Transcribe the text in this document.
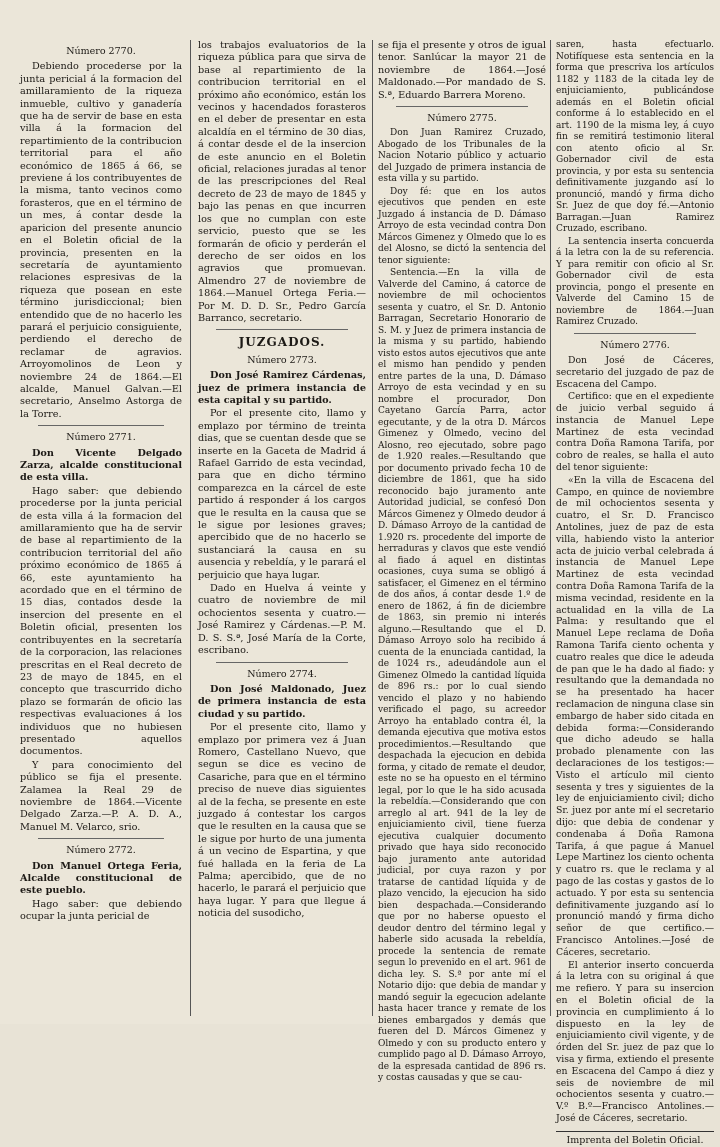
Número 2770.

Debiendo procederse por la junta pericial á la formacion del amillaramiento de la riqueza inmueble, cultivo y ganadería que ha de servir de base en esta villa á la formacion del repartimiento de la contribucion territorial para el año económico de 1865 á 66, se previene á los contribuyentes de la misma, tanto vecinos como forasteros, que en el término de un mes, á contar desde la aparicion del presente anuncio en el Boletin oficial de la provincia, presenten en la secretaría de ayuntamiento relaciones espresivas de la riqueza que posean en este término jurisdiccional; bien entendido que de no hacerlo les parará el perjuicio consiguiente, perdiendo el derecho de reclamar de agravios. Arroyomolinos de Leon y noviembre 24 de 1864.—El alcalde, Manuel Galvan.—El secretario, Anselmo Astorga de la Torre.

Número 2771.

Don Vicente Delgado Zarza, alcalde constitucional de esta villa.

Hago saber: que debiendo procederse por la junta pericial de esta villa á la formacion del amillaramiento que ha de servir de base al repartimiento de la contribucion territorial del año próximo económico de 1865 á 66, este ayuntamiento ha acordado que en el término de 15 dias, contados desde la insercion del presente en el Boletin oficial, presenten los contribuyentes en la secretaría de la corporacion, las relaciones prescritas en el Real decreto de 23 de mayo de 1845, en el concepto que trascurrido dicho plazo se formarán de oficio las respectivas evaluaciones á los individuos que no hubiesen presentado aquellos documentos.

Y para conocimiento del público se fija el presente. Zalamea la Real 29 de noviembre de 1864.—Vicente Delgado Zarza.—P. A. D. A., Manuel M. Velarco, srio.

Número 2772.

Don Manuel Ortega Feria, Alcalde constitucional de este pueblo.

Hago saber: que debiendo ocupar la junta pericial de

los trabajos evaluatorios de la riqueza pública para que sirva de base al repartimiento de la contribucion territorial en el próximo año económico, están los vecinos y hacendados forasteros en el deber de presentar en esta alcaldía en el término de 30 dias, á contar desde el de la insercion de este anuncio en el Boletin oficial, relaciones juradas al tenor de las prescripciones del Real decreto de 23 de mayo de 1845 y bajo las penas en que incurren los que no cumplan con este servicio, puesto que se les formarán de oficio y perderán el derecho de ser oidos en los agravios que promuevan. Almendro 27 de noviembre de 1864.—Manuel Ortega Feria.—Por M. D. D. Sr., Pedro García Barranco, secretario.

JUZGADOS.

Número 2773.

Don José Ramirez Cárdenas, juez de primera instancia de esta capital y su partido.

Por el presente cito, llamo y emplazo por término de treinta dias, que se cuentan desde que se inserte en la Gaceta de Madrid á Rafael Garrido de esta vecindad, para que en dicho término comparezca en la cárcel de este partido á responder á los cargos que le resulta en la causa que se le sigue por lesiones graves; apercibido que de no hacerlo se sustanciará la causa en su ausencia y rebeldía, y le parará el perjuicio que haya lugar.

Dado en Huelva á veinte y cuatro de noviembre de mil ochocientos sesenta y cuatro.—José Ramirez y Cárdenas.—P. M. D. S. S.ª, José María de la Corte, escribano.

Número 2774.

Don José Maldonado, Juez de primera instancia de esta ciudad y su partido.

Por el presente cito, llamo y emplazo por primera vez á Juan Romero, Castellano Nuevo, que segun se dice es vecino de Casariche, para que en el término preciso de nueve dias siguientes al de la fecha, se presente en este juzgado á contestar los cargos que le resulten en la causa que se le sigue por hurto de una jumenta á un vecino de Espartina, y que fué hallada en la feria de La Palma; apercibido, que de no hacerlo, le parará el perjuicio que haya lugar. Y para que llegue á noticia del susodicho,

se fija el presente y otros de igual tenor. Sanlúcar la mayor 21 de noviembre de 1864.—José Maldonado.—Por mandado de S. S.ª, Eduardo Barrera Moreno.

Número 2775.

Don Juan Ramirez Cruzado, Abogado de los Tribunales de la Nacion Notario público y actuario del Juzgado de primera instancia de esta villa y su partido.

Doy fé: que en los autos ejecutivos que penden en este Juzgado á instancia de D. Dámaso Arroyo de esta vecindad contra Don Márcos Gimenez y Olmedo que lo es del Alosno, se dictó la sentencia del tenor siguiente:

Sentencia.—En la villa de Valverde del Camino, á catorce de noviembre de mil ochocientos sesenta y cuatro, el Sr. D. Antonio Barragan, Secretario Honorario de S. M. y Juez de primera instancia de la misma y su partido, habiendo visto estos autos ejecutivos que ante el mismo han pendido y penden entre partes de la una, D. Dámaso Arroyo de esta vecindad y en su nombre el procurador, Don Cayetano García Parra, actor egecutante, y de la otra D. Márcos Gimenez y Olmedo, vecino del Alosno, reo ejecutado, sobre pago de 1.920 reales.—Resultando que por documento privado fecha 10 de diciembre de 1861, que ha sido reconocido bajo juramento ante Autoridad judicial, se confesó Don Márcos Gimenez y Olmedo deudor á D. Dámaso Arroyo de la cantidad de 1.920 rs. procedente del importe de herraduras y clavos que este vendió al fiado á aquel en distintas ocasiones, cuya suma se obligó á satisfacer, el Gimenez en el término de dos años, á contar desde 1.º de enero de 1862, á fin de diciembre de 1863, sin premio ni interés alguno.—Resultando que el D. Dámaso Arroyo solo ha recibido á cuenta de la enunciada cantidad, la de 1024 rs., adeudándole aun el Gimenez Olmedo la cantidad líquida de 896 rs.: por lo cual siendo vencido el plazo y no habiendo verificado el pago, su acreedor Arroyo ha entablado contra él, la demanda ejecutiva que motiva estos procedimientos.—Resultando que despachada la ejecucion en debida forma, y citado de remate el deudor, este no se ha opuesto en el término legal, por lo que le ha sido acusada la rebeldía.—Considerando que con arreglo al art. 941 de la ley de enjuiciamiento civil, tiene fuerza ejecutiva cualquier documento privado que haya sido reconocido bajo juramento ante autoridad judicial, por cuya razon y por tratarse de cantidad líquida y de plazo vencido, la ejecucion ha sido bien despachada.—Considerando que por no haberse opuesto el deudor dentro del término legal y haberle sido acusada la rebeldía, procede la sentencia de remate segun lo prevenido en el art. 961 de dicha ley. S. S.ª por ante mí el Notario dijo: que debia de mandar y mandó seguir la egecucion adelante hasta hacer trance y remate de los bienes embargados y demás que fueren del D. Márcos Gimenez y Olmedo y con su producto entero y cumplido pago al D. Dámaso Arroyo, de la espresada cantidad de 896 rs. y costas causadas y que se cau-

saren, hasta efectuarlo. Notifíquese esta sentencia en la forma que prescriva los artículos 1182 y 1183 de la citada ley de enjuiciamiento, publicándose además en el Boletin oficial conforme á lo establecido en el art. 1190 de la misma ley, á cuyo fin se remitirá testimonio literal con atento oficio al Sr. Gobernador civil de esta provincia, y por esta su sentencia definitivamente juzgando así lo pronunció, mandó y firma dicho Sr. Juez de que doy fé.—Antonio Barragan.—Juan Ramirez Cruzado, escribano.

La sentencia inserta concuerda á la letra con la de su referencia. Y para remitir con oficio al Sr. Gobernador civil de esta provincia, pongo el presente en Valverde del Camino 15 de noviembre de 1864.—Juan Ramirez Cruzado.

Número 2776.

Don José de Cáceres, secretario del juzgado de paz de Escacena del Campo.

Certifico: que en el expediente de juicio verbal seguido á instancia de Manuel Lepe Martinez de esta vecindad contra Doña Ramona Tarifa, por cobro de reales, se halla el auto del tenor siguiente:

«En la villa de Escacena del Campo, en quince de noviembre de mil ochocientos sesenta y cuatro, el Sr. D. Francisco Antolines, juez de paz de esta villa, habiendo visto la anterior acta de juicio verbal celebrada á instancia de Manuel Lepe Martinez de esta vecindad contra Doña Ramona Tarifa de la misma vecindad, residente en la actualidad en la villa de La Palma: y resultando que el Manuel Lepe reclama de Doña Ramona Tarifa ciento ochenta y cuatro reales que dice le adeuda de pan que le ha dado al fiado: y resultando que la demandada no se ha presentado ha hacer reclamacion de ninguna clase sin embargo de haber sido citada en debida forma:—Considerando que dicho adeudo se halla probado plenamente con las declaraciones de los testigos:—Visto el artículo mil ciento sesenta y tres y siguientes de la ley de enjuiciamiento civil; dicho Sr. juez por ante mí el secretario dijo: que debia de condenar y condenaba á Doña Ramona Tarifa, á que pague á Manuel Lepe Martinez los ciento ochenta y cuatro rs. que le reclama y al pago de las costas y gastos de lo actuado. Y por esta su sentencia definitivamente juzgando así lo pronunció mandó y firma dicho señor de que certifico.—Francisco Antolines.—José de Cáceres, secretario.

El anterior inserto concuerda á la letra con su original á que me refiero. Y para su insercion en el Boletin oficial de la provincia en cumplimiento á lo dispuesto en la ley de enjuiciamiento civil vigente, y de órden del Sr. juez de paz que lo visa y firma, extiendo el presente en Escacena del Campo á diez y seis de noviembre de mil ochocientos sesenta y cuatro.—V.º B.º—Francisco Antolines.—José de Cáceres, secretario.

Imprenta del Boletin Oficial.
